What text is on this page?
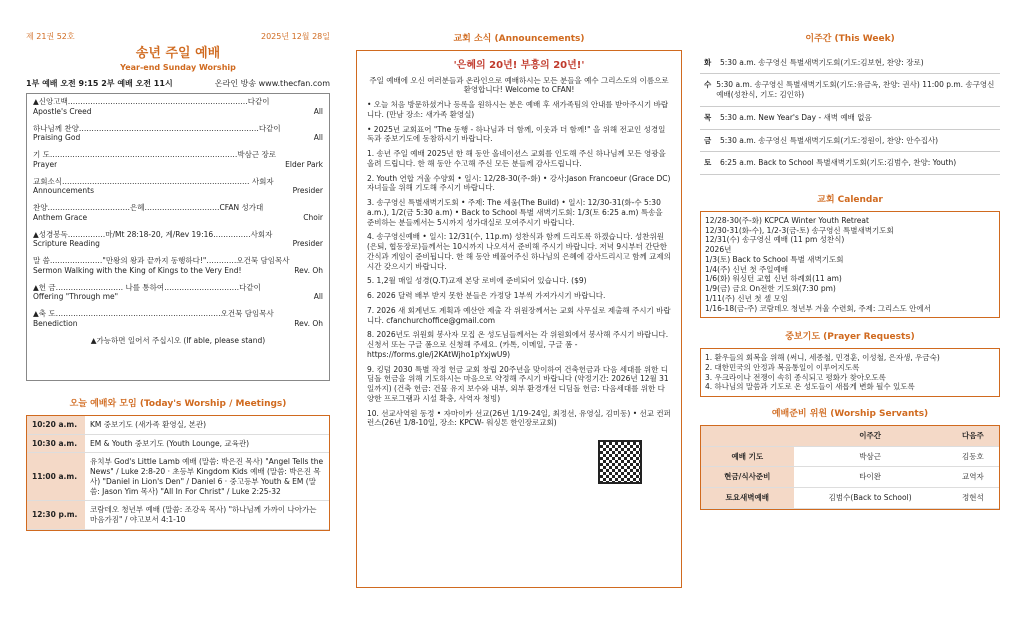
제 21권 52호	2025년 12월 28일
송년 주일 예배
Year-end Sunday Worship
1부 예배 오전 9:15 2부 예배 오전 11시	온라인 방송 www.thecfan.com
▲신앙고백………………………………………………………………다같이
Apostle's Creed	All
하나님께 찬양………………………………………………………………다같이
Praising God	All
기 도…………………………………………………………………박삼근 장로
Prayer	Elder Park
교회소식………………………………………………………………… 사회자
Announcements	Presider
찬양……………………………은혜…………………………CFAN 성가대
Anthem Grace	Choir
▲성경봉독……………마/Mt 28:18-20, 계/Rev 19:16……………사회자
Scripture Reading	Presider
말 씀…………………"만왕의 왕과 끝까지 동행하다!"…………오건묵 담임목사
Sermon Walking with the King of Kings to the Very End!	Rev. Oh
▲헌 금……………………… 나를 통하여…………………………다같이
Offering "Through me"	All
▲축 도…………………………………………………………오건묵 담임목사
Benediction	Rev. Oh
▲가능하면 일어서 주십시오 (If able, please stand)
오늘 예배와 모임 (Today's Worship / Meetings)
10:20 a.m.	KM 중보기도 (새가족 환영실, 본관)
10:30 a.m.	EM & Youth 중보기도 (Youth Lounge, 교육관)
11:00 a.m.	유치부 God's Little Lamb 예배 (말씀: 박은진 목사) "Angel Tells the News" / Luke 2:8-20 · 초등부 Kingdom Kids 예배 (말씀: 박은진 목사) "Daniel in Lion's Den" / Daniel 6 · 중고등부 Youth & EM (말씀: Jason Yim 목사) "All In For Christ" / Luke 2:25-32
12:30 p.m.	코람데오 청년부 예배 (말씀: 조강욱 목사) "하나님께 가까이 나아가는 마음가짐" / 야고보서 4:1-10
교회 소식 (Announcements)
'은혜의 20년! 부흥의 20년!'

주일 예배에 오신 여러분들과 온라인으로 예배하시는 모든 분들을 예수 그리스도의 이름으로 환영합니다! Welcome to CFAN!

• 오늘 처음 방문하셨거나 등록을 원하시는 분은 예배 후 새가족팀의 안내를 받아주시기 바랍니다. (만남 장소: 새가족 환영실)

• 2025년 교회표어 "The 동행 - 하나님과 더 함께, 이웃과 더 함께!" 을 위해 전교인 성경일독과 중보기도에 동참하시기 바랍니다.

1. 송년 주일 예배 2025년 한 해 동안 올네이션스 교회를 인도해 주신 하나님께 모든 영광을 올려 드립니다. 한 해 동안 수고해 주신 모든 분들께 감사드립니다.

2. Youth 연합 겨울 수양회 • 일시: 12/28-30(주-화) • 강사:Jason Francoeur (Grace DC) 자녀들을 위해 기도해 주시기 바랍니다.

3. 송구영신 특별새벽기도회 • 주제: The 세움(The Build) • 일시: 12/30-31(화-수 5:30 a.m.), 1/2(금 5:30 a.m) • Back to School 특별 새벽기도회: 1/3(토 6:25 a.m) 특송을 준비하는 분들께서는 5시까지 성가대실로 모여주시기 바랍니다.

4. 송구영신예배 • 일시: 12/31(수, 11p.m) 성찬식과 함께 드리도록 하겠습니다. 성찬위원(은퇴, 협동장로)들께서는 10시까지 나오셔서 준비해 주시기 바랍니다. 저녁 9시부터 간단한 간식과 게임이 준비됩니다. 한 해 동안 베풀어주신 하나님의 은혜에 감사드리시고 함께 교제의 시간 갖으시기 바랍니다.

5. 1,2월 매일 성경(Q.T)교재 본당 로비에 준비되어 있습니다. ($9)

6. 2026 달력 배부 받지 못한 분들은 가정당 1부씩 가져가시기 바랍니다.

7. 2026 새 회계년도 계획과 예산안 제출 각 위원장께서는 교회 사무실로 제출해 주시기 바랍니다. cfanchurchoffice@gmail.com

8. 2026년도 위원회 봉사자 모집 온 성도님들께서는 각 위원회에서 봉사해 주시기 바랍니다. 신청서 또는 구글 폼으로 신청해 주세요. (카톡, 이메일, 구글 폼 - https://forms.gle/j2KAtWjho1pYxjwU9)

9. 킹덤 2030 특별 작정 헌금 교회 창립 20주년을 맞이하여 건축헌금과 다음 세대를 위한 디딤돌 헌금을 위해 기도하시는 마음으로 약정해 주시기 바랍니다 (약정기간: 2026년 12월 31일까지) (건축 헌금: 건물 유지 보수와 내부, 외부 환경개선 디딤돌 헌금: 다음세대를 위한 다양한 프로그램과 시설 확충, 사역자 청빙)

10. 선교사역원 동정 • 자마이카 선교(26년 1/19-24일, 최정선, 유영실, 김미동) • 선교 컨퍼런스(26년 1/8-10일, 장소: KPCW- 워싱톤 한인장로교회)

이주간 (This Week)
화	5:30 a.m. 송구영신 특별새벽기도회(기도:김보현, 찬양: 장로)
수 5:30 a.m. 송구영신 특별새벽기도회(기도:유금옥, 찬양: 권사) 11:00 p.m. 송구영신예배(성찬식, 기도: 김인하)
목	5:30 a.m. New Year's Day - 새벽 예배 없음
금	5:30 a.m. 송구영신 특별새벽기도회(기도:정원이, 찬양: 안수집사)
토	6:25 a.m. Back to School 특별새벽기도회(기도:김범수, 찬양: Youth)
교회 Calendar
12/28-30(주-화) KCPCA Winter Youth Retreat
12/30-31(화-수), 1/2-3(금-토) 송구영신 특별새벽기도회
12/31(수) 송구영신 예배 (11 pm 성찬식)
2026년
1/3(토) Back to School 특별 새벽기도회
1/4(주) 신년 첫 주일예배
1/6(화) 워싱턴 교협 신년 하례회(11 am)
1/9(금) 금요 On전한 기도회(7:30 pm)
1/11(주) 신년 첫 셀 모임
1/16-18(금-주) 코람데오 청년부 겨울 수련회, 주제: 그리스도 안에서
중보기도 (Prayer Requests)
1. 환우들의 회복을 위해 (써니, 세종철, 민경훈, 이성철, 은자생, 우금숙)
2. 대한민국의 안정과 복음통일이 이루어지도록
3. 우크라이나 전쟁이 속히 종식되고 평화가 찾아오도록
4. 하나님의 말씀과 기도로 온 성도들이 새롭게 변화 될수 있도록
예배준비 위원 (Worship Servants)
	이주간	다음주
예배 기도	박삼근	김동호
현금/식사준비	타이완	교역자
토요새벽예배	김범수(Back to School)	정현석
